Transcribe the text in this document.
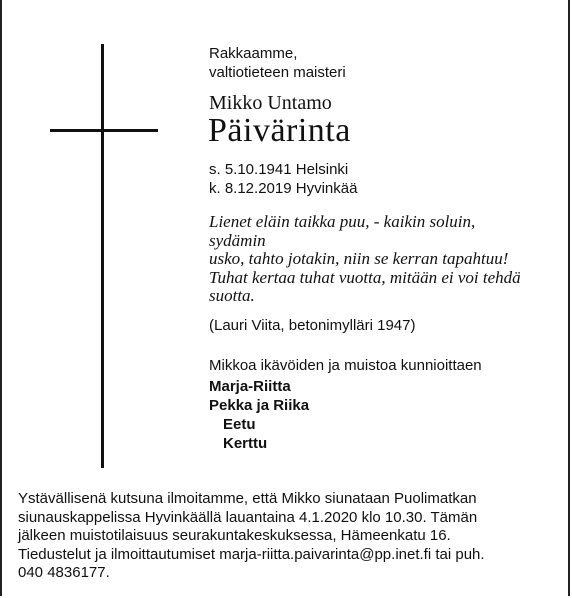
Rakkaamme,
valtiotieteen maisteri
Mikko Untamo
Päivärinta
s. 5.10.1941 Helsinki
k. 8.12.2019 Hyvinkää
Lienet eläin taikka puu, - kaikin soluin,
sydämin
usko, tahto jotakin, niin se kerran tapahtuu!
Tuhat kertaa tuhat vuotta, mitään ei voi tehdä
suotta.
(Lauri Viita, betonimylläri 1947)
Mikkoa ikävöiden ja muistoa kunnioittaen
Marja-Riitta
Pekka ja Riika
Eetu
Kerttu
Ystävällisenä kutsuna ilmoitamme, että Mikko siunataan Puolimatkan
siunauskappelissa Hyvinkäällä lauantaina 4.1.2020 klo 10.30. Tämän
jälkeen muistotilaisuus seurakuntakeskuksessa, Hämeenkatu 16.
Tiedustelut ja ilmoittautumiset marja-riitta.paivarinta@pp.inet.fi tai puh.
040 4836177.
